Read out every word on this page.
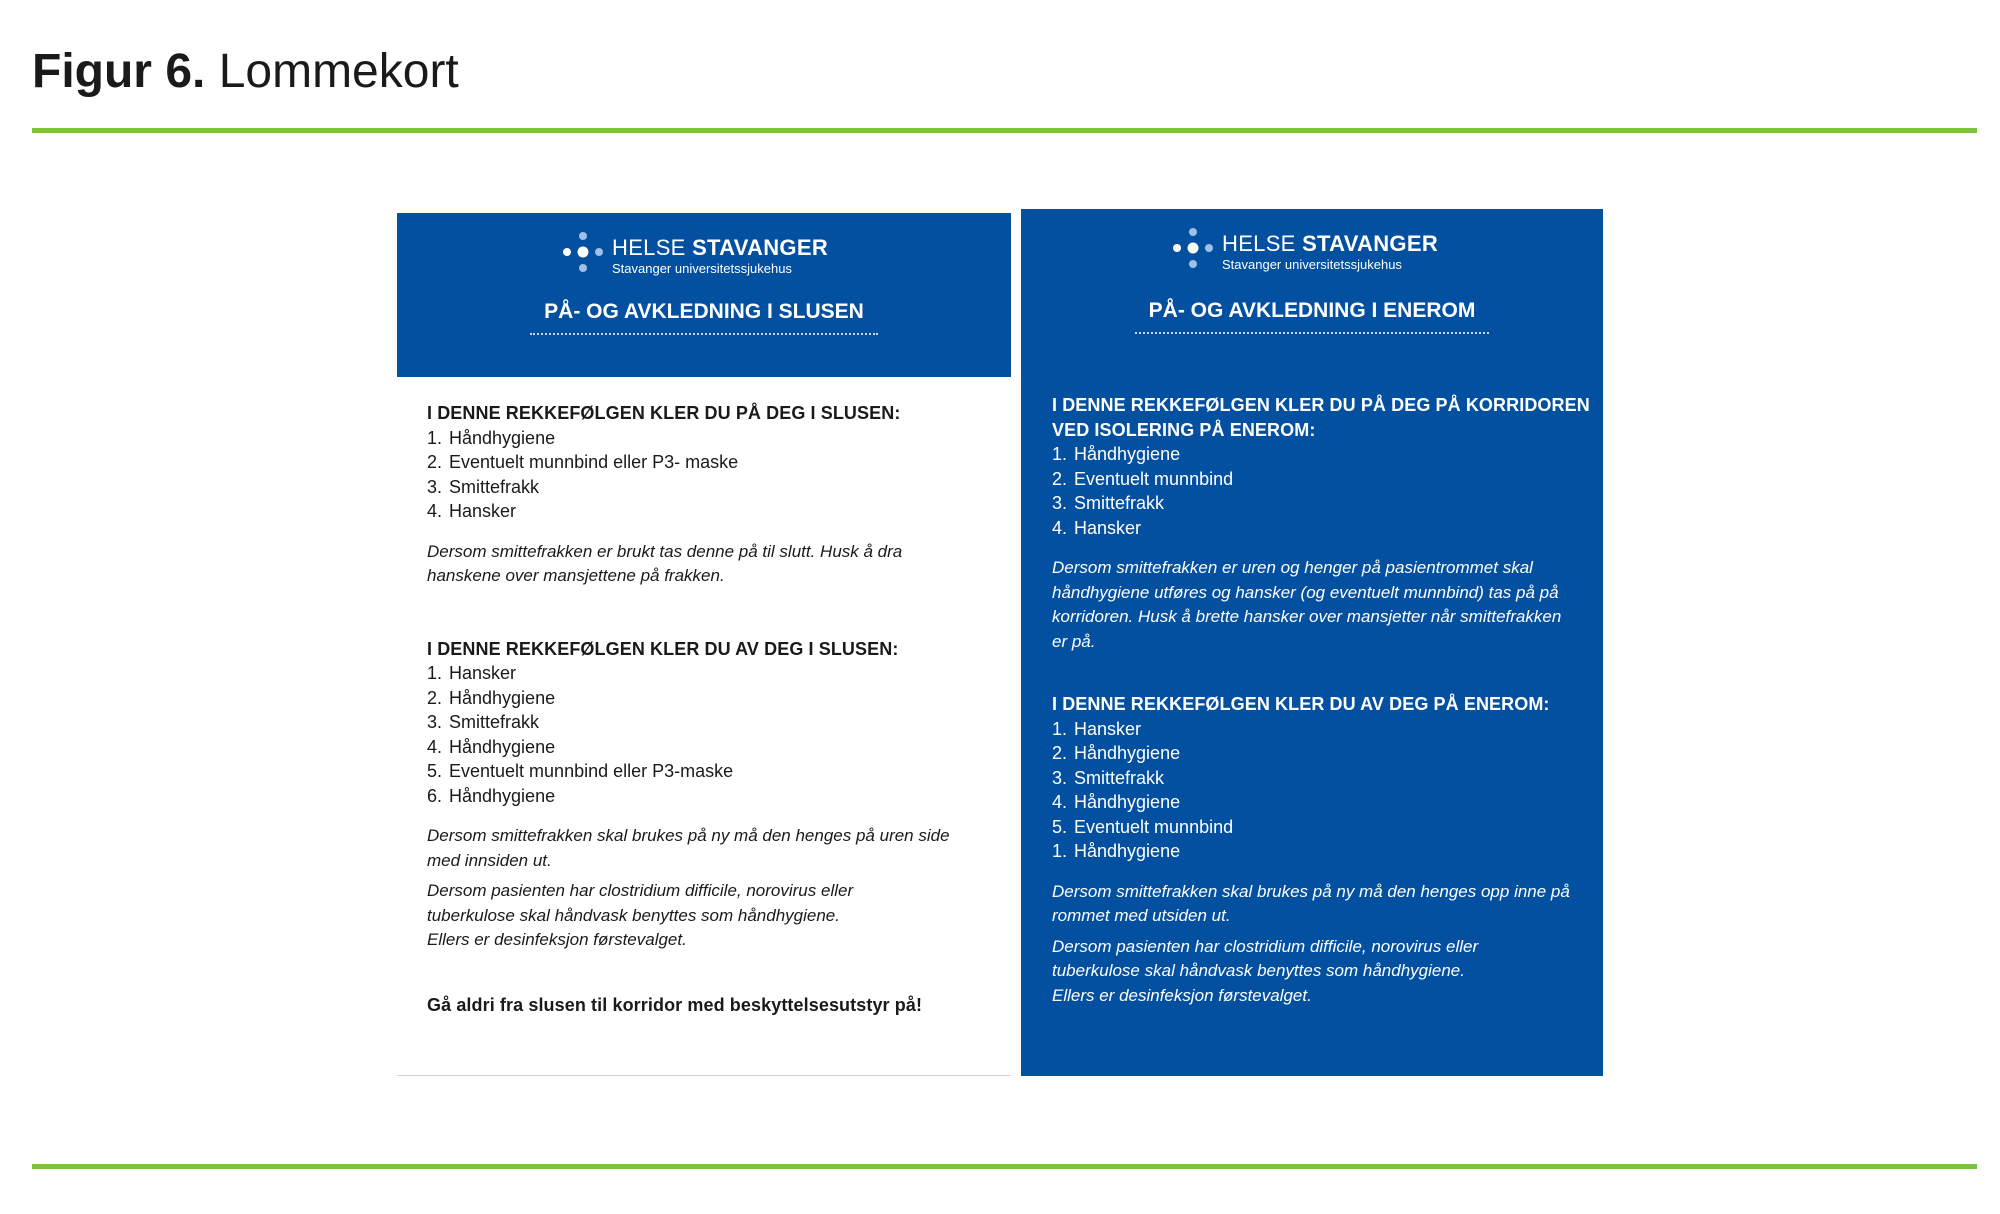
Figur 6. Lommekort
HELSE STAVANGER
Stavanger universitetssjukehus
PÅ- OG AVKLEDNING I SLUSEN
I DENNE REKKEFØLGEN KLER DU PÅ DEG I SLUSEN:
1. Håndhygiene
2. Eventuelt munnbind eller P3- maske
3. Smittefrakk
4. Hansker
Dersom smittefrakken er brukt tas denne på til slutt. Husk å dra
hanskene over mansjettene på frakken.
I DENNE REKKEFØLGEN KLER DU AV DEG I SLUSEN:
1. Hansker
2. Håndhygiene
3. Smittefrakk
4. Håndhygiene
5. Eventuelt munnbind eller P3-maske
6. Håndhygiene
Dersom smittefrakken skal brukes på ny må den henges på uren side
med innsiden ut.
Dersom pasienten har clostridium difficile, norovirus eller
tuberkulose skal håndvask benyttes som håndhygiene.
Ellers er desinfeksjon førstevalget.
Gå aldri fra slusen til korridor med beskyttelsesutstyr på!
HELSE STAVANGER
Stavanger universitetssjukehus
PÅ- OG AVKLEDNING I ENEROM
I DENNE REKKEFØLGEN KLER DU PÅ DEG PÅ KORRIDOREN
VED ISOLERING PÅ ENEROM:
1. Håndhygiene
2. Eventuelt munnbind
3. Smittefrakk
4. Hansker
Dersom smittefrakken er uren og henger på pasientrommet skal
håndhygiene utføres og hansker (og eventuelt munnbind) tas på på
korridoren. Husk å brette hansker over mansjetter når smittefrakken
er på.
I DENNE REKKEFØLGEN KLER DU AV DEG PÅ ENEROM:
1. Hansker
2. Håndhygiene
3. Smittefrakk
4. Håndhygiene
5. Eventuelt munnbind
1. Håndhygiene
Dersom smittefrakken skal brukes på ny må den henges opp inne på
rommet med utsiden ut.
Dersom pasienten har clostridium difficile, norovirus eller
tuberkulose skal håndvask benyttes som håndhygiene.
Ellers er desinfeksjon førstevalget.
